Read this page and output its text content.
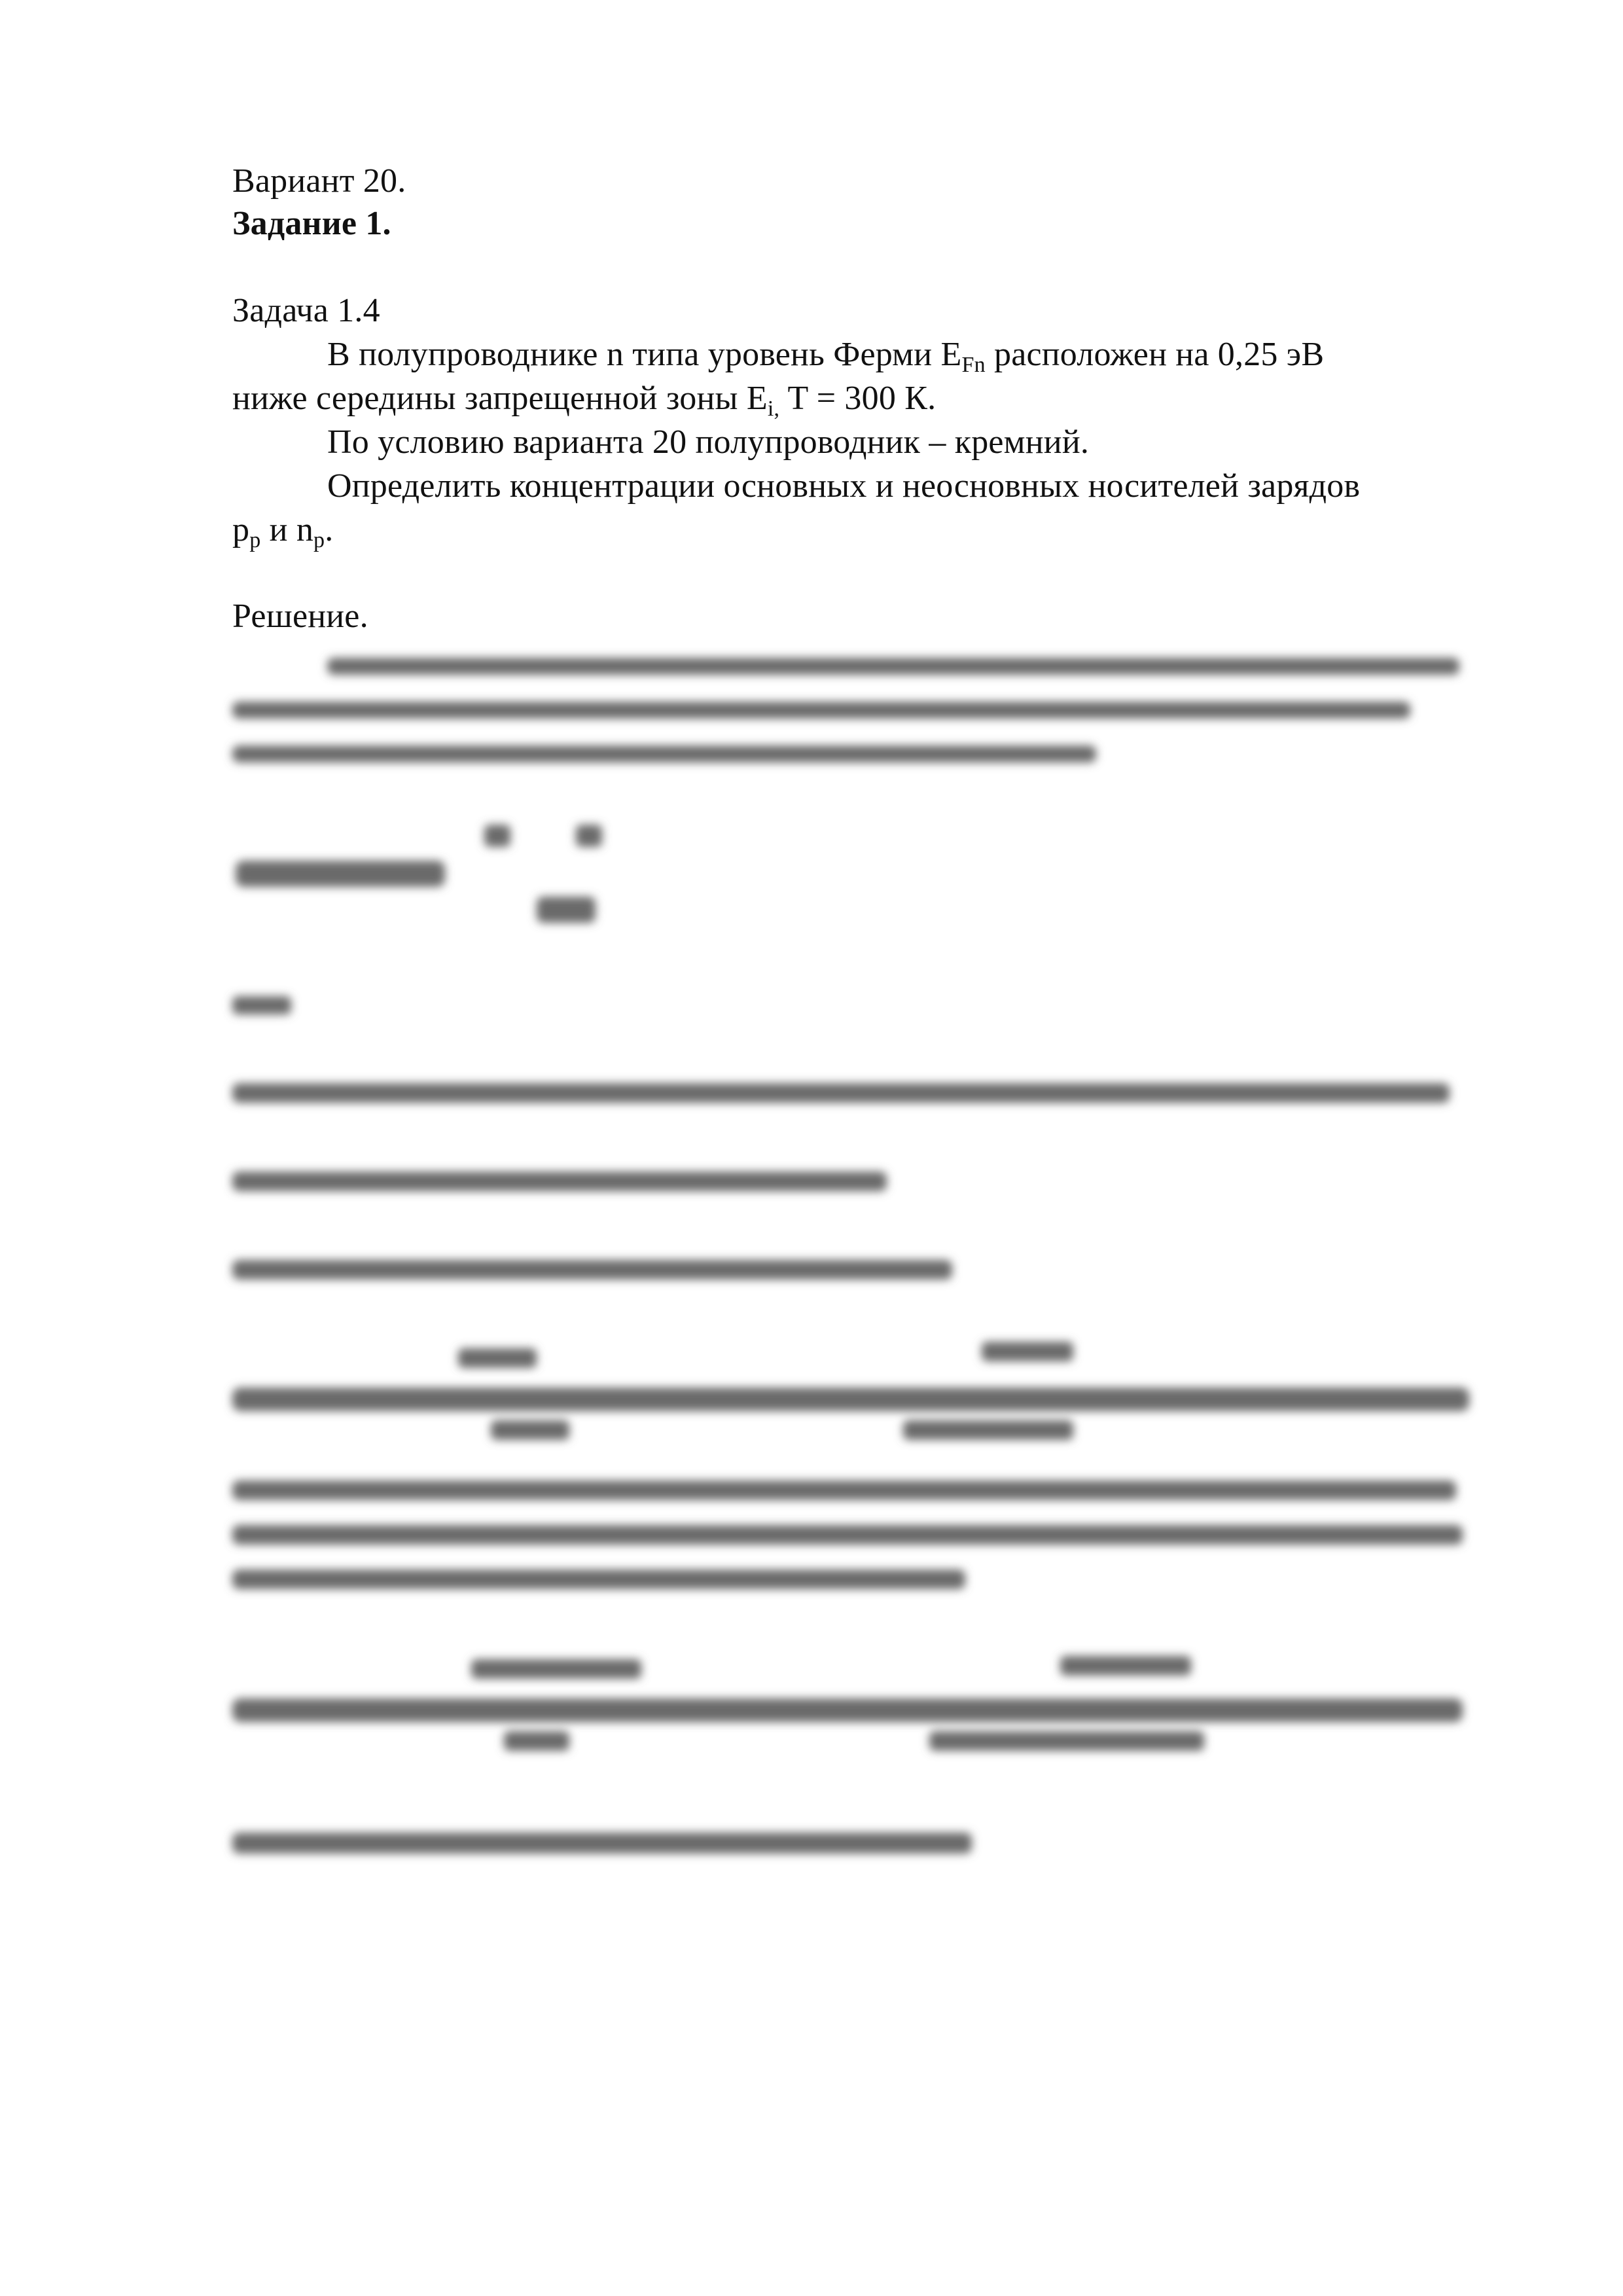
Вариант 20.
Задание 1.
Задача 1.4
В полупроводнике n типа уровень Ферми $E_{Fn}$ расположен на 0,25 эВ
ниже середины запрещенной зоны $E_{i,}$ T = 300 К.
По условию варианта 20 полупроводник – кремний.
Определить концентрации основных и неосновных носителей зарядов
$p_p$ и $n_p$.
Решение.
